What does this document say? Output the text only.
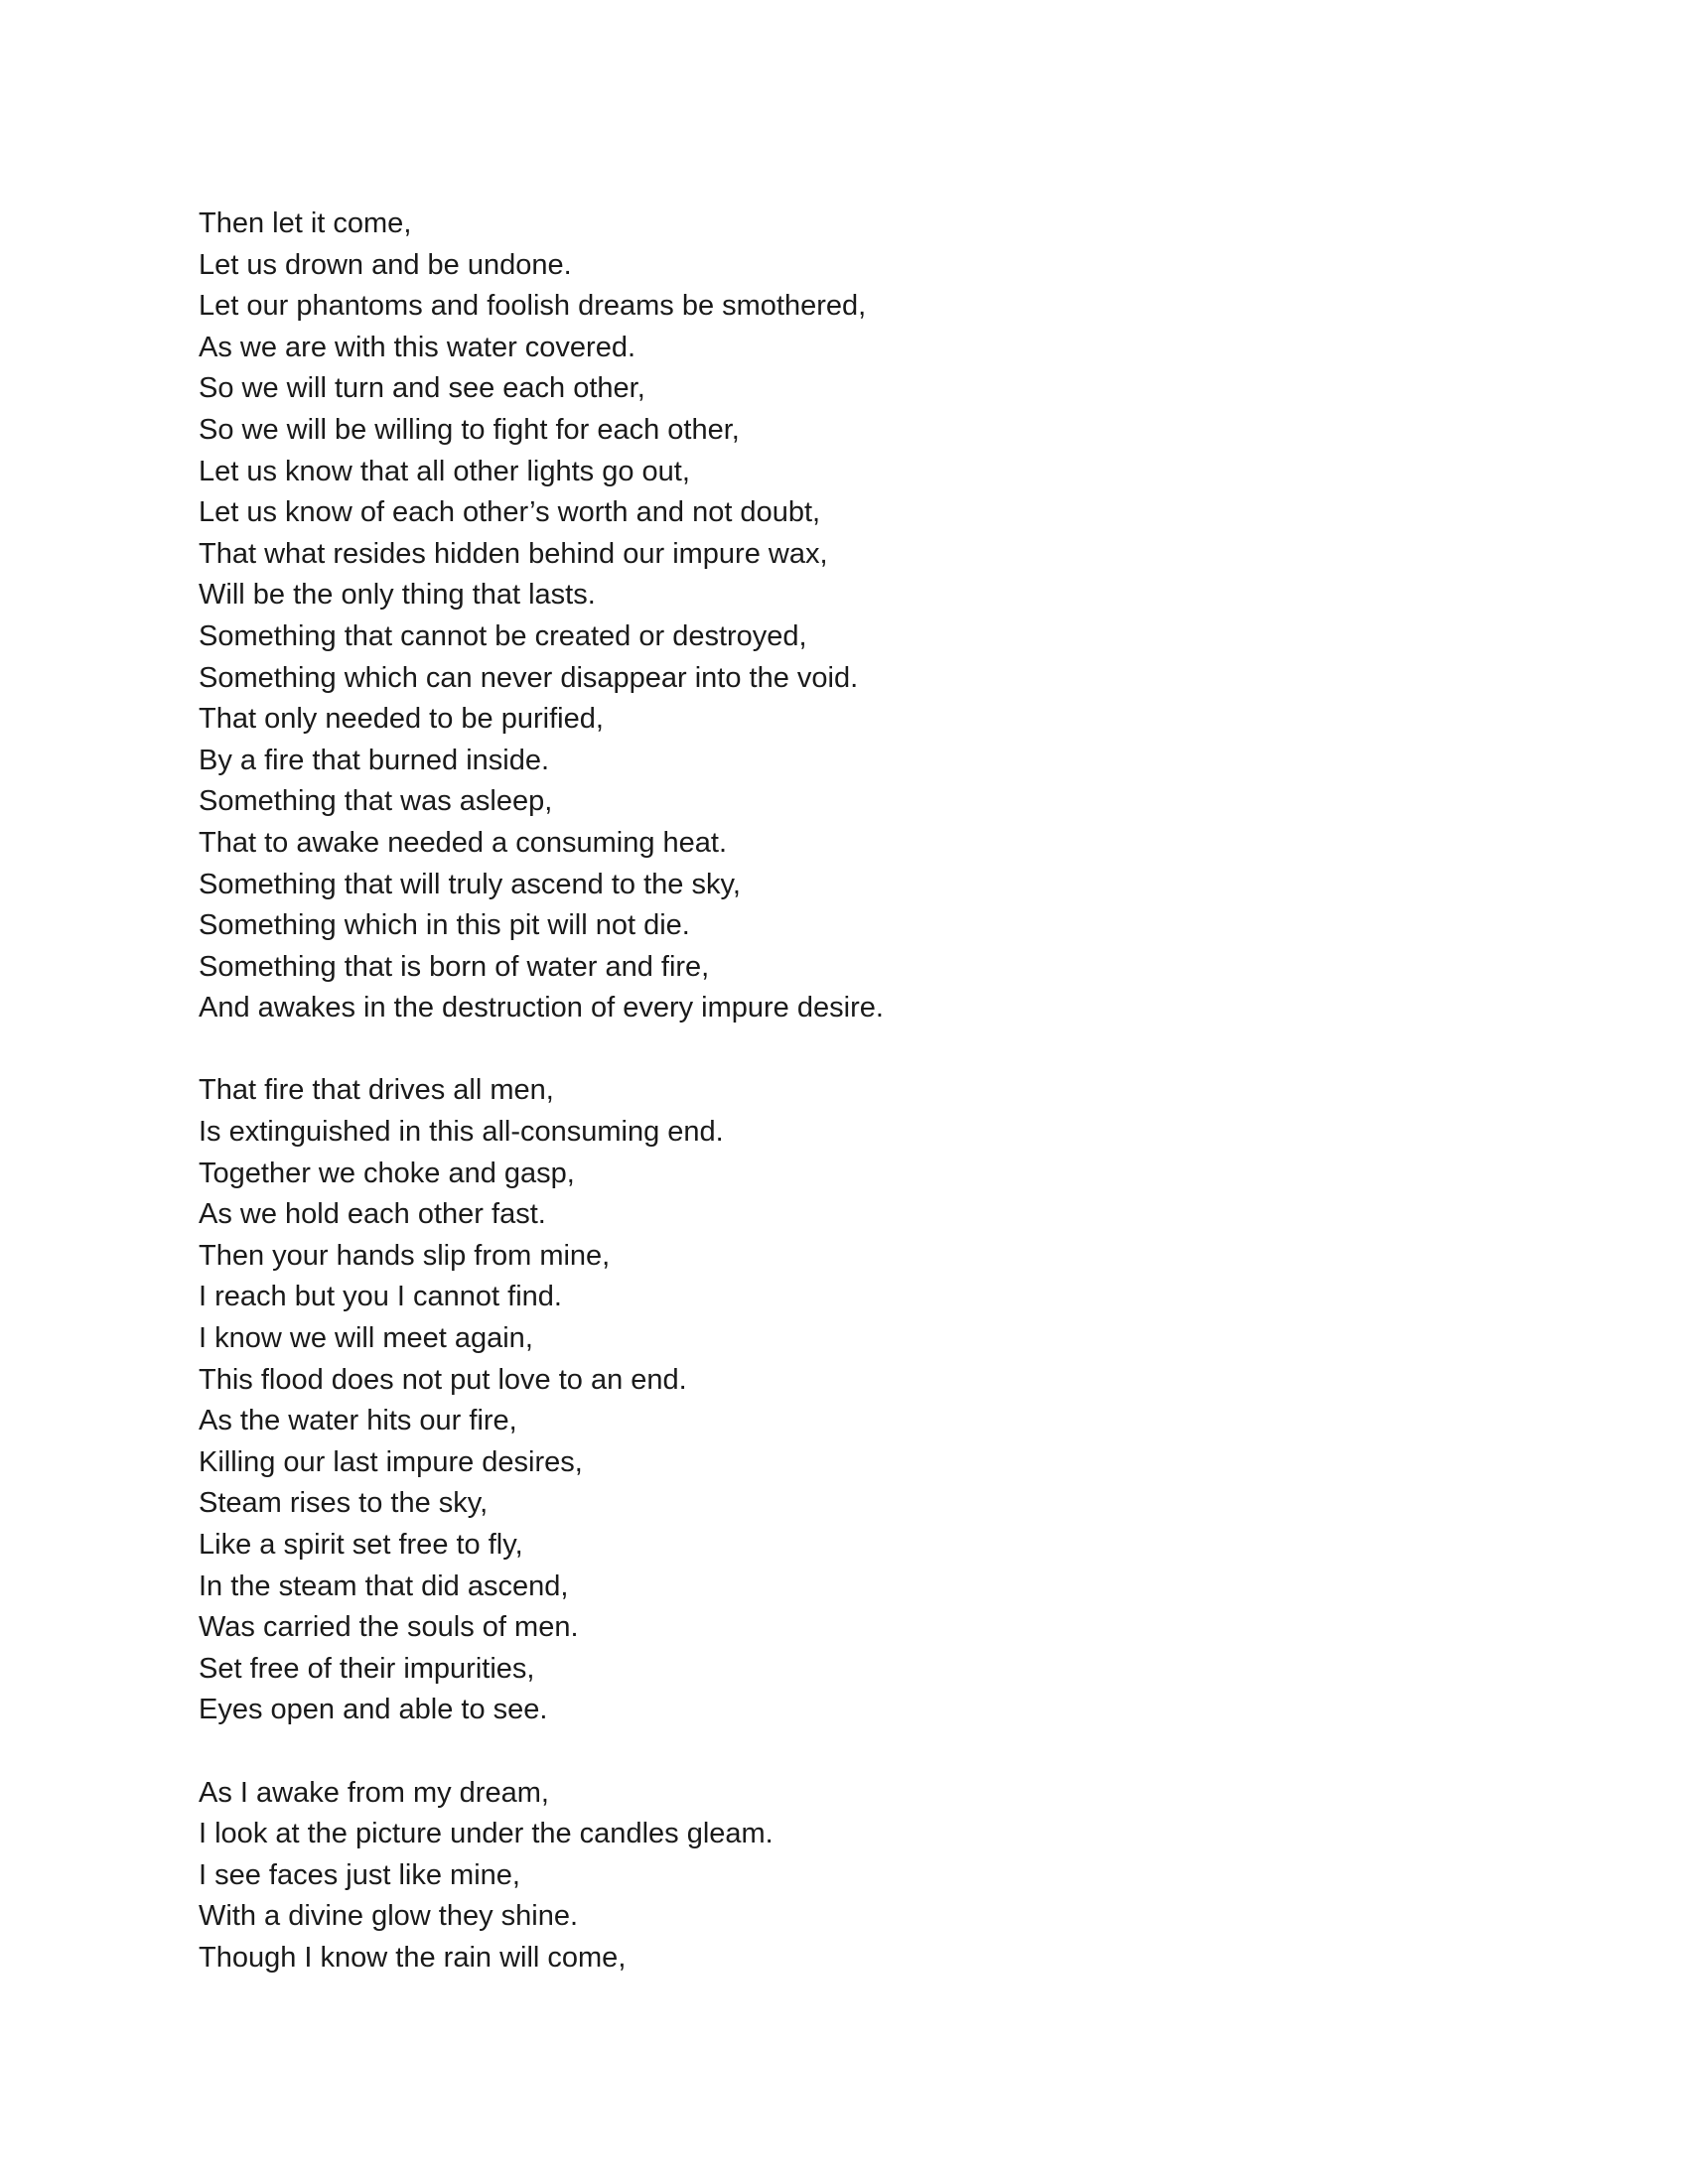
Then let it come,
Let us drown and be undone.
Let our phantoms and foolish dreams be smothered,
As we are with this water covered.
So we will turn and see each other,
So we will be willing to fight for each other,
Let us know that all other lights go out,
Let us know of each other’s worth and not doubt,
That what resides hidden behind our impure wax,
Will be the only thing that lasts.
Something that cannot be created or destroyed,
Something which can never disappear into the void.
That only needed to be purified,
By a fire that burned inside.
Something that was asleep,
That to awake needed a consuming heat.
Something that will truly ascend to the sky,
Something which in this pit will not die.
Something that is born of water and fire,
And awakes in the destruction of every impure desire.
That fire that drives all men,
Is extinguished in this all-consuming end.
Together we choke and gasp,
As we hold each other fast.
Then your hands slip from mine,
I reach but you I cannot find.
I know we will meet again,
This flood does not put love to an end.
As the water hits our fire,
Killing our last impure desires,
Steam rises to the sky,
Like a spirit set free to fly,
In the steam that did ascend,
Was carried the souls of men.
Set free of their impurities,
Eyes open and able to see.
As I awake from my dream,
I look at the picture under the candles gleam.
I see faces just like mine,
With a divine glow they shine.
Though I know the rain will come,
